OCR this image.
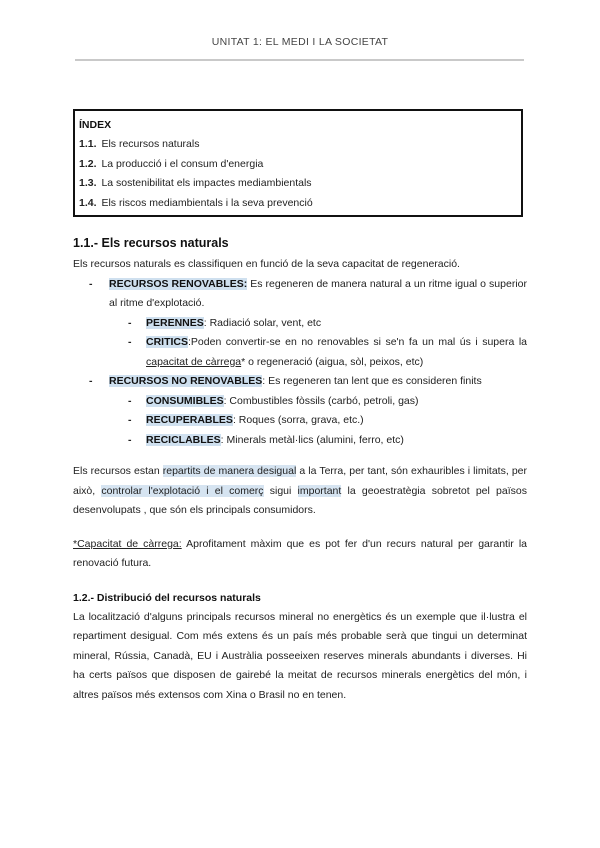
UNITAT 1: EL MEDI I LA SOCIETAT
ÍNDEX
1.1. Els recursos naturals
1.2. La producció i el consum d'energia
1.3. La sostenibilitat els impactes mediambientals
1.4. Els riscos mediambientals i la seva prevenció
1.1.- Els recursos naturals
Els recursos naturals es classifiquen en funció de la seva capacitat de regeneració.
- RECURSOS RENOVABLES: Es regeneren de manera natural a un ritme igual o superior al ritme d'explotació.
- PERENNES: Radiació solar, vent, etc
- CRITICS:Poden convertir-se en no renovables si se'n fa un mal ús i supera la capacitat de càrrega* o regeneració (aigua, sòl, peixos, etc)
- RECURSOS NO RENOVABLES: Es regeneren tan lent que es consideren finits
- CONSUMIBLES: Combustibles fòssils (carbó, petroli, gas)
- RECUPERABLES: Roques (sorra, grava, etc.)
- RECICLABLES: Minerals metàl·lics (alumini, ferro, etc)
Els recursos estan repartits de manera desigual a la Terra, per tant, són exhauribles i limitats, per això, controlar l'explotació i el comerç sigui important la geoestratègia sobretot pel països desenvolupats , que són els principals consumidors.
*Capacitat de càrrega: Aprofitament màxim que es pot fer d'un recurs natural per garantir la renovació futura.
1.2.- Distribució del recursos naturals
La localització d'alguns principals recursos mineral no energètics és un exemple que il·lustra el repartiment desigual. Com més extens és un país més probable serà que tingui un determinat mineral, Rússia, Canadà, EU i Austràlia posseeixen reserves minerals abundants i diverses. Hi ha certs països que disposen de gairebé la meitat de recursos minerals energètics del món, i altres països més extensos com Xina o Brasil no en tenen.
